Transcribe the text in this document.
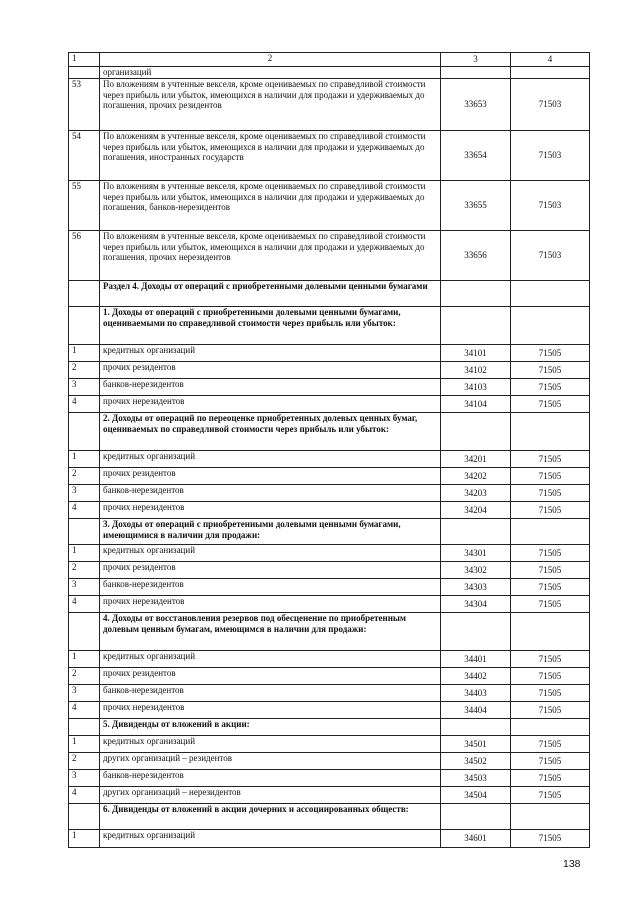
1	2	3	4
	организаций		
53	По вложениям в учтенные векселя, кроме оцениваемых по справедливой стоимости через прибыль или убыток, имеющихся в наличии для продажи и удерживаемых до погашения, прочих резидентов	33653	71503
54	По вложениям в учтенные векселя, кроме оцениваемых по справедливой стоимости через прибыль или убыток, имеющихся в наличии для продажи и удерживаемых до погашения, иностранных государств	33654	71503
55	По вложениям в учтенные векселя, кроме оцениваемых по справедливой стоимости через прибыль или убыток, имеющихся в наличии для продажи и удерживаемых до погашения, банков-нерезидентов	33655	71503
56	По вложениям в учтенные векселя, кроме оцениваемых по справедливой стоимости через прибыль или убыток, имеющихся в наличии для продажи и удерживаемых до погашения, прочих нерезидентов	33656	71503
	Раздел 4. Доходы от операций с приобретенными долевыми ценными бумагами		
	1. Доходы от операций с приобретенными долевыми ценными бумагами, оцениваемыми по справедливой стоимости через прибыль или убыток:		
1	кредитных организаций	34101	71505
2	прочих резидентов	34102	71505
3	банков-нерезидентов	34103	71505
4	прочих нерезидентов	34104	71505
	2. Доходы от операций по переоценке приобретенных долевых ценных бумаг, оцениваемых по справедливой стоимости через прибыль или убыток:		
1	кредитных организаций	34201	71505
2	прочих резидентов	34202	71505
3	банков-нерезидентов	34203	71505
4	прочих нерезидентов	34204	71505
	3. Доходы от операций с приобретенными долевыми ценными бумагами, имеющимися в наличии для продажи:		
1	кредитных организаций	34301	71505
2	прочих резидентов	34302	71505
3	банков-нерезидентов	34303	71505
4	прочих нерезидентов	34304	71505
	4. Доходы от восстановления резервов под обесценение по приобретенным долевым ценным бумагам, имеющимся в наличии для продажи:		
1	кредитных организаций	34401	71505
2	прочих резидентов	34402	71505
3	банков-нерезидентов	34403	71505
4	прочих нерезидентов	34404	71505
	5. Дивиденды от вложений в акции:		
1	кредитных организаций	34501	71505
2	других организаций – резидентов	34502	71505
3	банков-нерезидентов	34503	71505
4	других организаций – нерезидентов	34504	71505
	6. Дивиденды от вложений в акции дочерних и ассоциированных обществ:		
1	кредитных организаций	34601	71505
138
